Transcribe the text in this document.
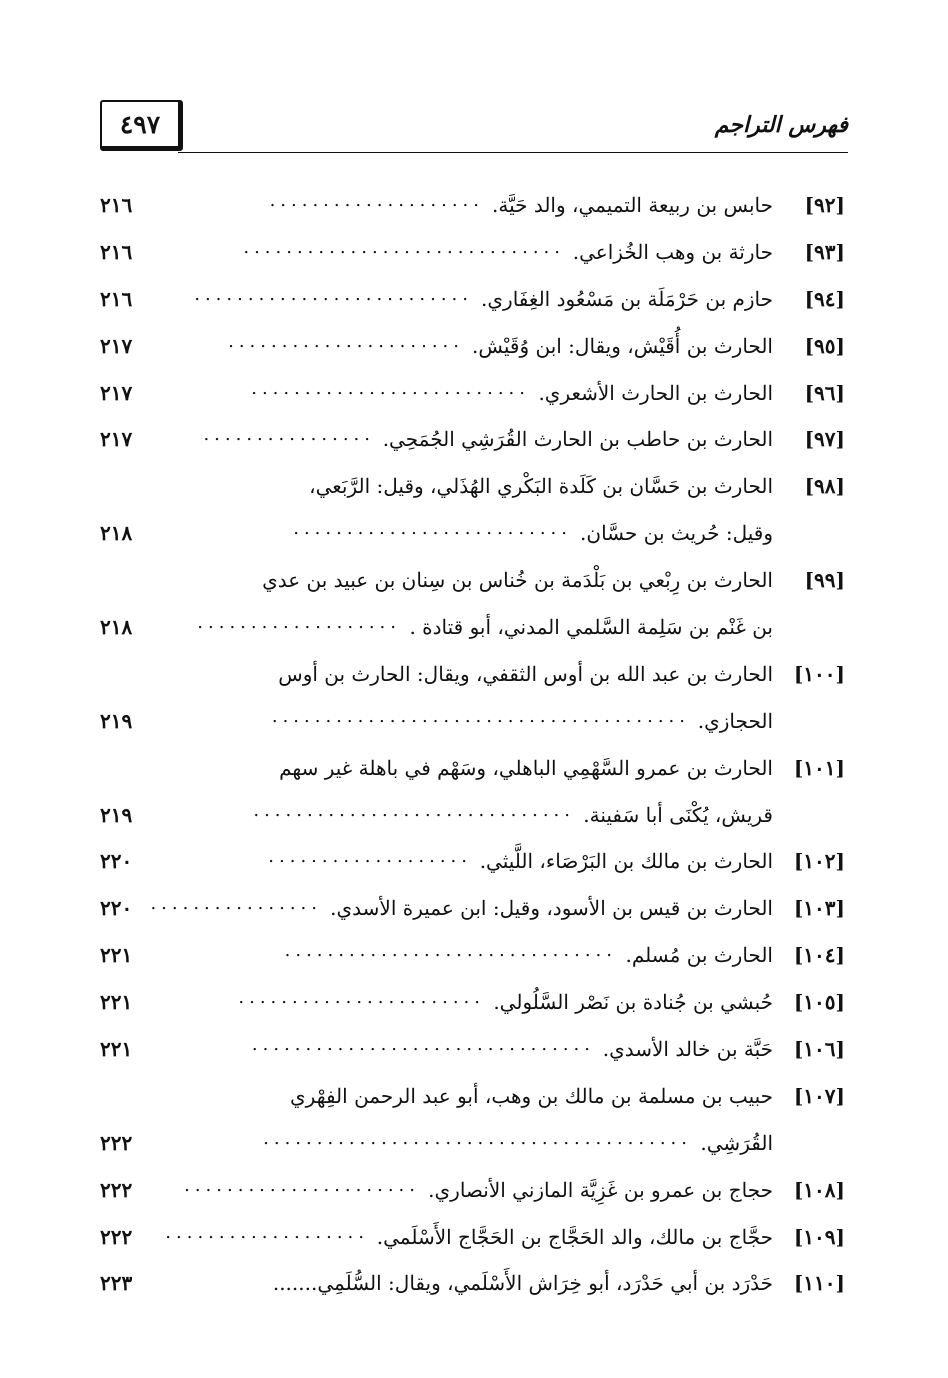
٤٩٧	فهرس التراجم
[٩٢]
حابس بن ربيعة التميمي، والد حَيَّة.
....................
٢١٦
[٩٣]
حارثة بن وهب الخُزاعي.
..............................
٢١٦
[٩٤]
حازم بن حَرْمَلَة بن مَسْعُود الغِفَاري.
..........................
٢١٦
[٩٥]
الحارث بن أُقَيْش، ويقال: ابن وُقَيْش.
......................
٢١٧
[٩٦]
الحارث بن الحارث الأشعري.
..........................
٢١٧
[٩٧]
الحارث بن حاطب بن الحارث القُرَشِي الجُمَحِي.
................
٢١٧
[٩٨]
الحارث بن حَسَّان بن كَلَدة البَكْري الهُذَلي، وقيل: الرَّبَعي،
وقيل: حُريث بن حسَّان.
..........................
٢١٨
[٩٩]
الحارث بن رِبْعي بن بَلْدَمة بن خُناس بن سِنان بن عبيد بن عدي
بن غَنْم بن سَلِمة السَّلمي المدني، أبو قتادة .
...................
٢١٨
[١٠٠]
الحارث بن عبد الله بن أوس الثقفي، ويقال: الحارث بن أوس
الحجازي.
.......................................
٢١٩
[١٠١]
الحارث بن عمرو السَّهْمِي الباهلي، وسَهْم في باهلة غير سهم
قريش، يُكْنَى أبا سَفينة.
..............................
٢١٩
[١٠٢]
الحارث بن مالك بن البَرْصَاء، اللَّيثي.
...................
٢٢٠
[١٠٣]
الحارث بن قيس بن الأسود، وقيل: ابن عميرة الأسدي.
................
٢٢٠
[١٠٤]
الحارث بن مُسلم.
...............................
٢٢١
[١٠٥]
حُبشي بن جُنادة بن نَصْر السَّلُولي.
.......................
٢٢١
[١٠٦]
حَبَّة بن خالد الأسدي.
................................
٢٢١
[١٠٧]
حبيب بن مسلمة بن مالك بن وهب، أبو عبد الرحمن الفِهْري
القُرَشِي.
........................................
٢٢٢
[١٠٨]
حجاج بن عمرو بن غَزِيَّة المازني الأنصاري.
......................
٢٢٢
[١٠٩]
حجَّاج بن مالك، والد الحَجَّاج بن الحَجَّاج الأَسْلَمي.
...................
٢٢٢
[١١٠]
حَدْرَد بن أبي حَدْرَد، أبو خِرَاش الأَسْلَمي، ويقال: السُّلَمِي.......
٢٢٣
